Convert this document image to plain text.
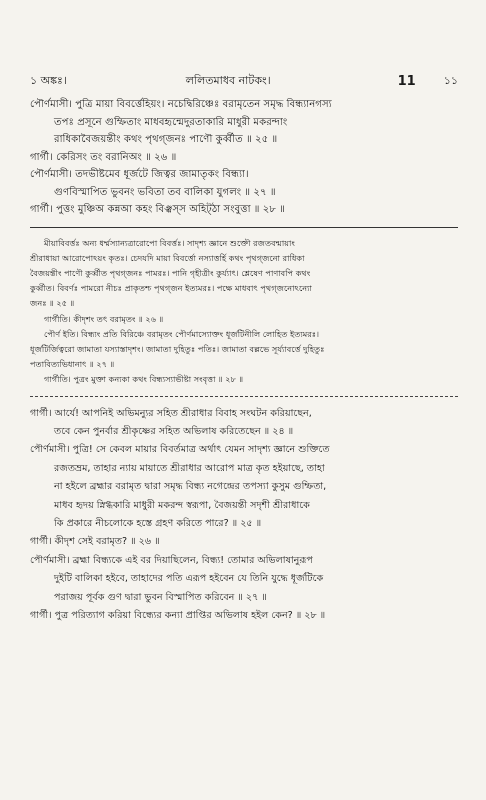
১ অঙ্কঃ।	ললিতমাধব নাটকং।	11	১১
পৌর্ণমাসী। পুত্রি মায়া বিবর্ত্তেহিয়ং। নচেদ্বিরিঞ্চেঃ বরামৃতেন সমৃদ্ধ বিন্ধ্যানগস্য
তপঃ প্রসূনে গুম্ফিতাং মাধবহৃন্মেদুরতাকারি মাধুরী মকরন্দাং
রাধিকাবৈজয়ন্তীং কথং পৃথগ্জনঃ পাণৌ কুর্ব্বীত ॥ ২৫ ॥
গার্গী। কেরিসং তং বরানিঅং ॥ ২৬ ॥
পৌর্ণমাসী। তদভীষ্টমেব ধূর্জটে জিত্বর জামাতৃকং বিন্ধ্যা।
গুণবিস্মাপিত ভুবনং ভবিতা তব বালিকা যুগলং ॥ ২৭ ॥
গার্গী। পুত্তং মুঞ্চিঅ কন্নআ কহং বিঞ্ঝস্স অহিট্ঠা সংবুত্তা ॥ ২৮ ॥
মীয়াবিবর্ত্তঃ অন্য ধর্ম্মস্যান্যত্রারোপো বিবর্ত্তঃ। সাদৃশ্য জ্ঞানে শুক্তৌ রজতবন্মায়াং
শ্রীরাধায়া আরোপোঽয়ং কৃতঃ। চেদযদি মায়া বিবর্ত্তো নস্যাত্তর্হি কথং পৃথগ্জনো রাধিকা
বৈজয়ন্তীং পাণৌ কুর্ব্বীত পৃথগ্জনঃ পামরঃ। পানি গৃহীত্রীং কুর্য্যাৎ। শ্লেষেণ পাণাবপি কথং
কুর্ব্বীত। বিবর্ণঃ পামরো নীচঃ প্রাকৃতশ্চ পৃথগ্জন ইত্যমরঃ। পক্ষে মাধবাৎ পৃথগ্জনোঽন্যো
জনঃ ॥ ২৫ ॥
গার্গীতি। কীদৃশং তৎ বরামৃতং ॥ ২৬ ॥
পৌর্ণ ইতি। বিন্ধ্যং প্রতি বিরিঞ্চে বরামৃতং পৌর্ণমাস্যোক্তং ধূর্জটিনীলি লোহিত ইত্যমরঃ।
ধূর্জটির্জিত্বরো জামাতা যস্যাস্তাদৃশং। জামাতা দুহিতুঃ পতিঃ। জামাতা বল্লভে সূর্য্যাবর্ত্তে দুহিতুঃ
পতাবিত্যভিধানাৎ ॥ ২৭ ॥
গার্গীতি। পুত্রং মুক্তা কন্যকা কথং বিন্ধ্যস্যাভীষ্টা সংবৃত্তা ॥ ২৮ ॥
গার্গী। আর্যে! আপনিই অভিমন্যুর সহিত শ্রীরাধার বিবাহ সংঘটন করিয়াছেন,
তবে কেন পুনর্বার শ্রীকৃষ্ণের সহিত অভিলাষ করিতেছেন ॥ ২৪ ॥
পৌর্ণমাসী। পুত্রি! সে কেবল মায়ার বিবর্তমাত্র অর্থাৎ যেমন সাদৃশ্য জ্ঞানে শুক্তিতে
রজতভ্রম, তাহার ন্যায় মায়াতে শ্রীরাধার আরোপ মাত্র কৃত হইয়াছে, তাহা
না হইলে ব্রহ্মার বরামৃত দ্বারা সমৃদ্ধ বিন্ধ্য নগেন্দ্রের তপস্যা কুসুম গুম্ফিতা,
মাধব হৃদয় স্নিগ্ধকারি মাধুরী মকরন্দ স্বরূপা, বৈজয়ন্তী সদৃশী শ্রীরাধাকে
কি প্রকারে নীচলোকে হস্তে গ্রহণ করিতে পারে? ॥ ২৫ ॥
গার্গী। কীদৃশ সেই বরামৃত? ॥ ২৬ ॥
পৌর্ণমাসী। ব্রহ্মা বিন্ধ্যকে এই বর দিয়াছিলেন, বিন্ধ্য! তোমার অভিলাষানুরূপ
দুইটি বালিকা হইবে, তাহাদের পতি এরূপ হইবেন যে তিনি যুদ্ধে ধূর্জটিকে
পরাজয় পূর্বক গুণ দ্বারা ভুবন বিস্মাপিত করিবেন ॥ ২৭ ॥
গার্গী। পুত্র পরিত্যাগ করিয়া বিন্ধ্যের কন্যা প্রাপ্তির অভিলাষ হইল কেন? ॥ ২৮ ॥
